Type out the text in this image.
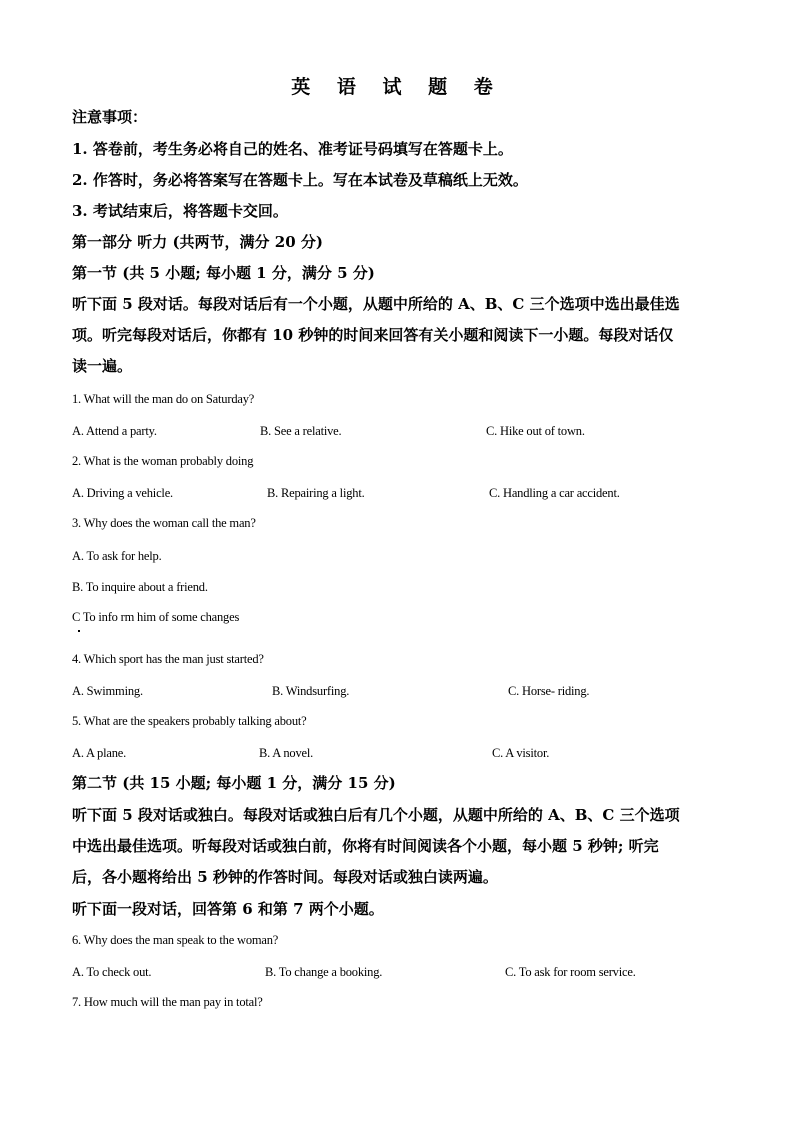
英 语 试 题 卷
注意事项：
1. 答卷前，考生务必将自己的姓名、准考证号码填写在答题卡上。
2. 作答时，务必将答案写在答题卡上。写在本试卷及草稿纸上无效。
3. 考试结束后，将答题卡交回。
第一部分 听力 (共两节，满分 20 分)
第一节 (共 5 小题; 每小题 1 分，满分 5 分)
听下面 5 段对话。每段对话后有一个小题，从题中所给的 A、B、C 三个选项中选出最佳选
项。听完每段对话后，你都有 10 秒钟的时间来回答有关小题和阅读下一小题。每段对话仅
读一遍。
1. What will the man do on Saturday?
A. Attend a party.	B. See a relative.	C. Hike out of town.
2. What is the woman probably doing
A. Driving a vehicle.	B. Repairing a light.	C. Handling a car accident.
3. Why does the woman call the man?
A. To ask for help.
B. To inquire about a friend.
C To info rm him of some changes
4. Which sport has the man just started?
A. Swimming.	B. Windsurfing.	C. Horse- riding.
5. What are the speakers probably talking about?
A. A plane.	B. A novel.	C. A visitor.
第二节 (共 15 小题; 每小题 1 分，满分 15 分)
听下面 5 段对话或独白。每段对话或独白后有几个小题，从题中所给的 A、B、C 三个选项
中选出最佳选项。听每段对话或独白前，你将有时间阅读各个小题，每小题 5 秒钟; 听完
后，各小题将给出 5 秒钟的作答时间。每段对话或独白读两遍。
听下面一段对话，回答第 6 和第 7 两个小题。
6. Why does the man speak to the woman?
A. To check out.	B. To change a booking.	C. To ask for room service.
7. How much will the man pay in total?
